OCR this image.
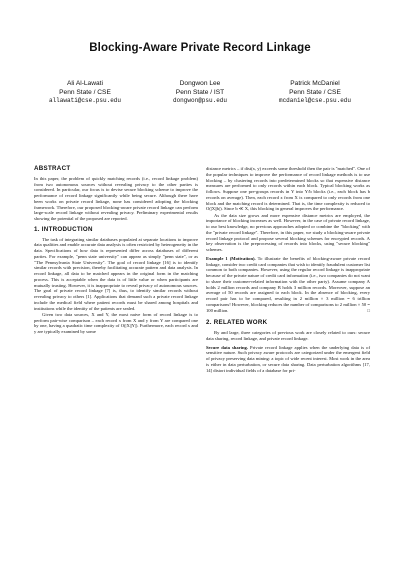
Blocking-Aware Private Record Linkage
Ali Al-Lawati
Penn State / CSE
allawati@cse.psu.edu
Dongwon Lee
Penn State / IST
dongwon@psu.edu
Patrick McDaniel
Penn State / CSE
mcdaniel@cse.psu.edu
ABSTRACT

In this paper, the problem of quickly matching records (i.e., record linkage problem) from two autonomous sources without revealing privacy to the other parties is considered. In particular, our focus is to devise secure blocking scheme to improve the performance of record linkage significantly while being secure. Although there have been works on private record linkage, none has considered adopting the blocking framework. Therefore, our proposed blocking-aware private record linkage can perform large-scale record linkage without revealing privacy. Preliminary experimental results showing the potential of the proposed are reported.

1. INTRODUCTION

The task of integrating similar databases populated at separate locations to improve data qualities and enable accurate data analysis is often restricted by heterogeneity in the data. Specifications of how data is represented differ across databases of different parties. For example, "penn state university" can appear as simply "penn state", or as "The Pennsylvania State University". The goal of record linkage [16] is to identify similar records with precision, thereby facilitating accurate pattern and data analysis. In record linkage, all data to be matched appears in the original form in the matching process. This is acceptable when the data is of little value or when participants are mutually trusting. However, it is inappropriate to reveal privacy of autonomous sources. The goal of private record linkage [7] is, thus, to identify similar records without revealing privacy to others [1]. Applications that demand such a private record linkage include the medical field where patient records must be shared among hospitals and institutions while the identity of the patients are sealed.

Given two data sources, X and Y, the most naive form of record linkage is to perform pair-wise comparison – each record x from X and y from Y are compared one by one, having a quadratic time complexity of O(|X||Y|). Furthermore, each record x and y are typically examined by some

distance metrics – if dist(x, y) exceeds some threshold then the pair is "matched". One of the popular techniques to improve the performance of record linkage methods is to use blocking – by clustering records into predetermined blocks so that expensive distance measures are performed to only records within each block. Typical blocking works as follows. Suppose one pre-groups records in Y into Y/b blocks (i.e., each block has b records on average). Then, each record x from X is compared to only records from one block and the matching record is determined. That is, the time complexity is reduced to O(|X||b|). Since b ≪ X, this blocking in general improves the performance.

As the data size grows and more expensive distance metrics are employed, the importance of blocking increases as well. However, in the case of private record linkage, to our best knowledge, no previous approaches adopted or combine the "blocking" with the "private record linkage". Therefore, in this paper, we study a blocking-aware private record linkage protocol and propose several blocking schemes for encrypted records. A key observation is the preprocessing of records into blocks, using "secure blocking" schemes.

Example 1 (Motivation). To illustrate the benefits of blocking-aware private record linkage, consider two credit card companies that wish to identify fraudulent customer list common to both companies. However, using the regular record linkage is inappropriate because of the private nature of credit card information (i.e., two companies do not want to share their customer-related information with the other party). Assume company A holds 2 million records and company B holds 3 million records. Moreover, suppose an average of 50 records are assigned to each block. In the absence of blocking, every record pair has to be compared, resulting in 2 million × 3 million = 6 trillion comparisons! However, blocking reduces the number of comparisons to 2 million × 50 = 100 million.	□

2. RELATED WORK

By and large, three categories of previous work are closely related to ours: secure data sharing, record linkage, and private record linkage.

Secure data sharing. Private record linkage applies when the underlying data is of sensitive nature. Such privacy aware protocols are categorized under the emergent field of privacy preserving data mining: a topic of wide recent interest. Most work in the area is either in data perturbation, or secure data sharing. Data perturbation algorithms [17, 14] distort individual fields of a database for pri-
